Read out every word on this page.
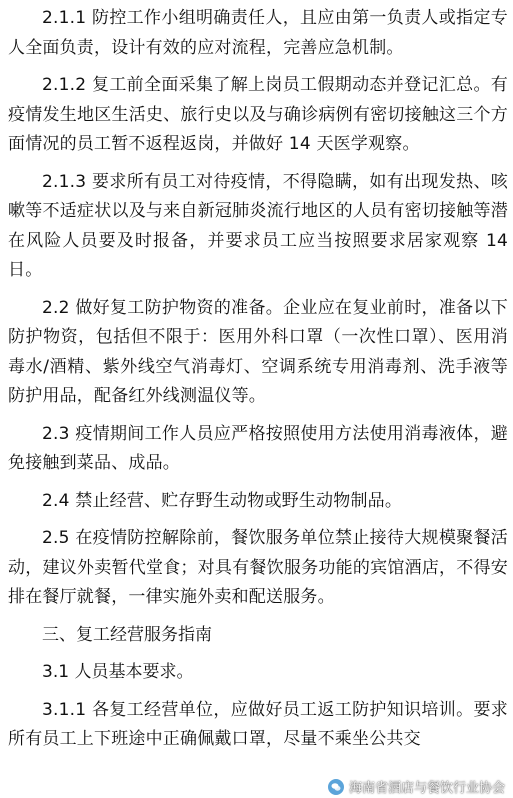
2.1.1 防控工作小组明确责任人，且应由第一负责人或指定专人全面负责，设计有效的应对流程，完善应急机制。

2.1.2 复工前全面采集了解上岗员工假期动态并登记汇总。有疫情发生地区生活史、旅行史以及与确诊病例有密切接触这三个方面情况的员工暂不返程返岗，并做好 14 天医学观察。

2.1.3 要求所有员工对待疫情，不得隐瞒，如有出现发热、咳嗽等不适症状以及与来自新冠肺炎流行地区的人员有密切接触等潜在风险人员要及时报备，并要求员工应当按照要求居家观察 14 日。

2.2 做好复工防护物资的准备。企业应在复业前时，准备以下防护物资，包括但不限于：医用外科口罩（一次性口罩）、医用消毒水/酒精、紫外线空气消毒灯、空调系统专用消毒剂、洗手液等防护用品，配备红外线测温仪等。

2.3 疫情期间工作人员应严格按照使用方法使用消毒液体，避免接触到菜品、成品。

2.4 禁止经营、贮存野生动物或野生动物制品。

2.5 在疫情防控解除前，餐饮服务单位禁止接待大规模聚餐活动，建议外卖暂代堂食；对具有餐饮服务功能的宾馆酒店，不得安排在餐厅就餐，一律实施外卖和配送服务。

三、复工经营服务指南

3.1 人员基本要求。

3.1.1 各复工经营单位，应做好员工返工防护知识培训。要求所有员工上下班途中正确佩戴口罩，尽量不乘坐公共交

海南省酒店与餐饮行业协会
